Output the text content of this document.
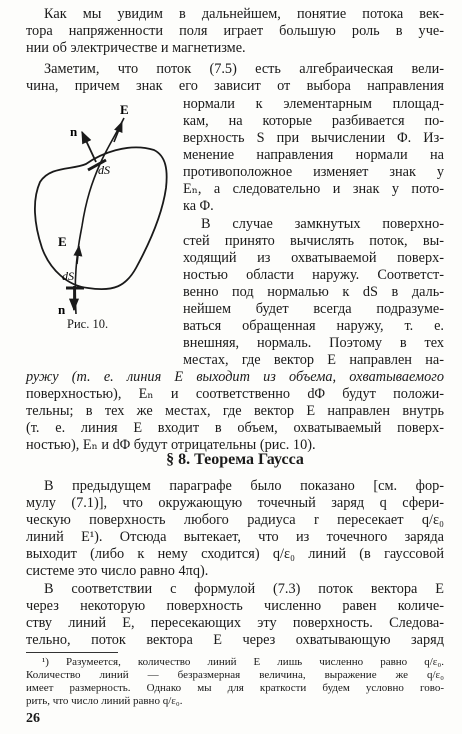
Как мы увидим в дальнейшем, понятие потока век-
тора напряженности поля играет большую роль в уче-
нии об электричестве и магнетизме.
Заметим, что поток (7.5) есть алгебраическая вели-
чина, причем знак его зависит от выбора направления
нормали к элементарным площад-
кам, на которые разбивается по-
верхность S при вычислении Φ. Из-
менение направления нормали на
противоположное изменяет знак у
Eₙ, а следовательно и знак у пото-
ка Φ.
В случае замкнутых поверхно-
стей принято вычислять поток, вы-
ходящий из охватываемой поверх-
ностью области наружу. Соответст-
венно под нормалью к dS в даль-
нейшем будет всегда подразуме-
ваться обращенная наружу, т. е.
внешняя, нормаль. Поэтому в тех
местах, где вектор E направлен на-
ружу (т. е. линия E выходит из объема, охватываемого
поверхностью), Eₙ и соответственно dΦ будут положи-
тельны; в тех же местах, где вектор E направлен внутрь
(т. е. линия E входит в объем, охватываемый поверх-
ностью), Eₙ и dΦ будут отрицательны (рис. 10).
§ 8. Теорема Гаусса
В предыдущем параграфе было показано [см. фор-
мулу (7.1)], что окружающую точечный заряд q сфери-
ческую поверхность любого радиуса r пересекает q/ε₀
линий E¹). Отсюда вытекает, что из точечного заряда
выходит (либо к нему сходится) q/ε₀ линий (в гауссовой
системе это число равно 4πq).
В соответствии с формулой (7.3) поток вектора E
через некоторую поверхность численно равен количе-
ству линий E, пересекающих эту поверхность. Следова-
тельно, поток вектора E через охватывающую заряд
¹) Разумеется, количество линий E лишь численно равно q/ε₀.
Количество линий — безразмерная величина, выражение же q/ε₀
имеет размерность. Однако мы для краткости будем условно гово-
рить, что число линий равно q/ε₀.
26
E
n
dS
E
dS
n
Рис. 10.
